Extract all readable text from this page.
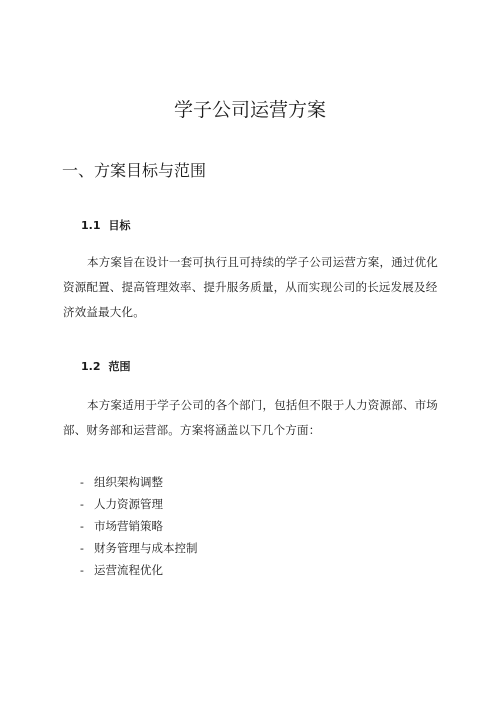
学子公司运营方案
一、方案目标与范围
1.1 目标

本方案旨在设计一套可执行且可持续的学子公司运营方案，通过优化资源配置、提高管理效率、提升服务质量，从而实现公司的长远发展及经济效益最大化。

1.2 范围

本方案适用于学子公司的各个部门，包括但不限于人力资源部、市场部、财务部和运营部。方案将涵盖以下几个方面：

- 组织架构调整
- 人力资源管理
- 市场营销策略
- 财务管理与成本控制
- 运营流程优化
